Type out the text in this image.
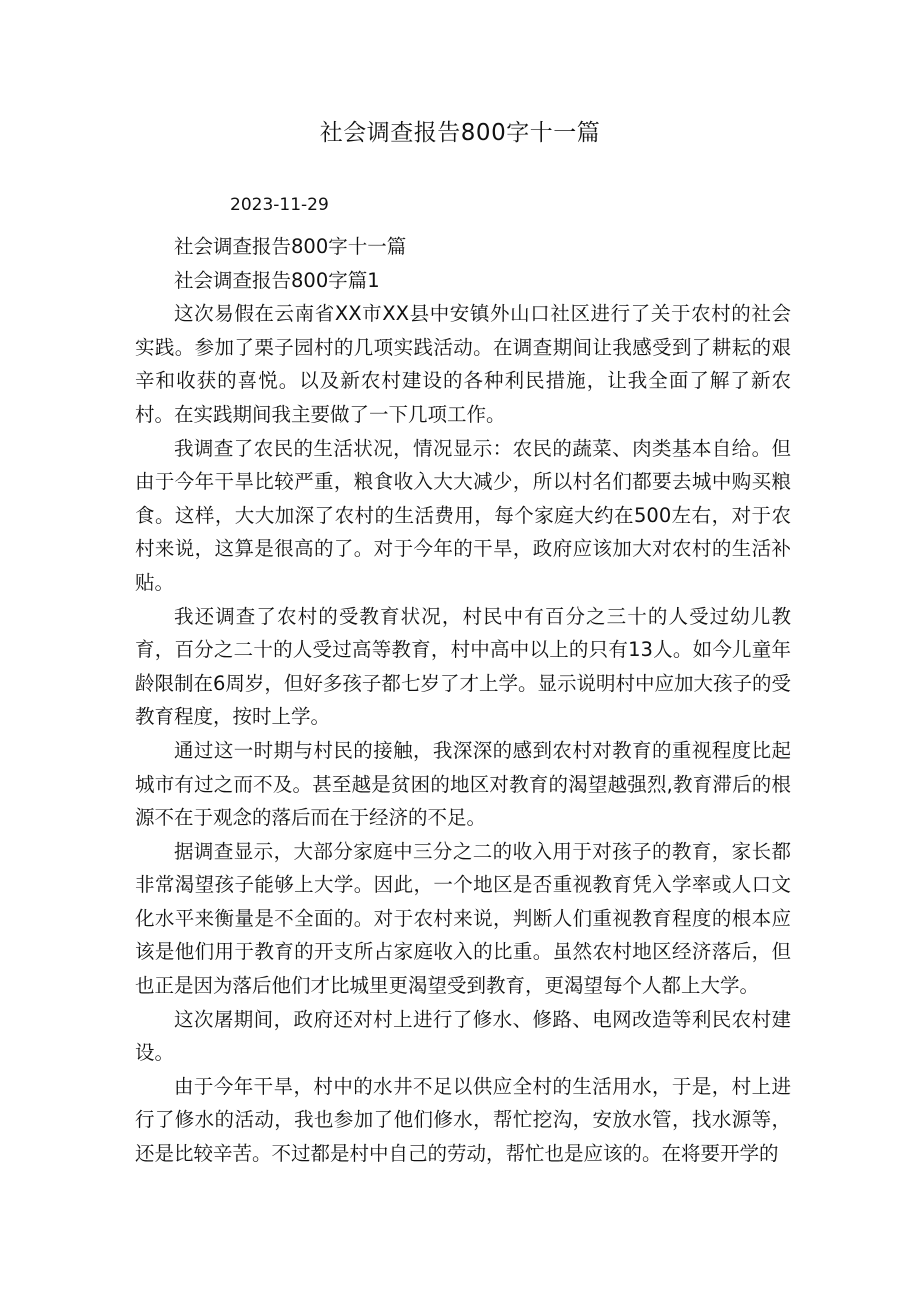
社会调查报告800字十一篇
2023-11-29

社会调查报告800字十一篇

社会调查报告800字篇1

这次易假在云南省XX市XX县中安镇外山口社区进行了关于农村的社会实践。参加了栗子园村的几项实践活动。在调查期间让我感受到了耕耘的艰辛和收获的喜悦。以及新农村建设的各种利民措施，让我全面了解了新农村。在实践期间我主要做了一下几项工作。

我调查了农民的生活状况，情况显示：农民的蔬菜、肉类基本自给。但由于今年干旱比较严重，粮食收入大大减少，所以村名们都要去城中购买粮食。这样，大大加深了农村的生活费用，每个家庭大约在500左右，对于农村来说，这算是很高的了。对于今年的干旱，政府应该加大对农村的生活补贴。

我还调查了农村的受教育状况，村民中有百分之三十的人受过幼儿教育，百分之二十的人受过高等教育，村中高中以上的只有13人。如今儿童年龄限制在6周岁，但好多孩子都七岁了才上学。显示说明村中应加大孩子的受教育程度，按时上学。

通过这一时期与村民的接触，我深深的感到农村对教育的重视程度比起城市有过之而不及。甚至越是贫困的地区对教育的渴望越强烈,教育滞后的根源不在于观念的落后而在于经济的不足。

据调查显示，大部分家庭中三分之二的收入用于对孩子的教育，家长都非常渴望孩子能够上大学。因此，一个地区是否重视教育凭入学率或人口文化水平来衡量是不全面的。对于农村来说，判断人们重视教育程度的根本应该是他们用于教育的开支所占家庭收入的比重。虽然农村地区经济落后，但也正是因为落后他们才比城里更渴望受到教育，更渴望每个人都上大学。

这次屠期间，政府还对村上进行了修水、修路、电网改造等利民农村建设。

由于今年干旱，村中的水井不足以供应全村的生活用水，于是，村上进行了修水的活动，我也参加了他们修水，帮忙挖沟，安放水管，找水源等，还是比较辛苦。不过都是村中自己的劳动，帮忙也是应该的。在将要开学的
